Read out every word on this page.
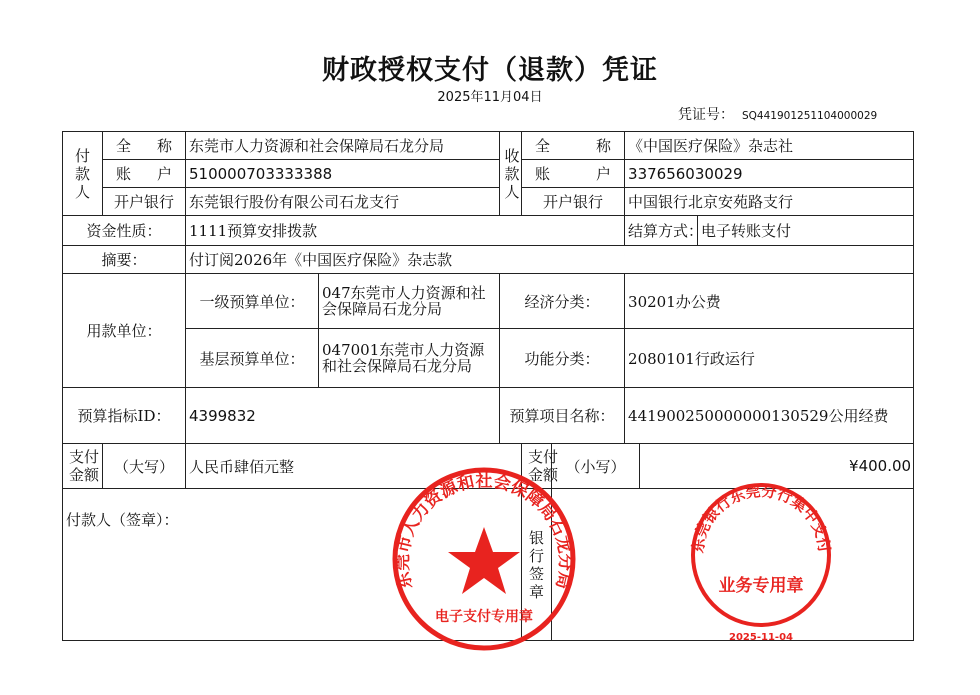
财政授权支付（退款）凭证
2025年11月04日
凭证号： SQ441901251104000029
付款人	全 称	东莞市人力资源和社会保障局石龙分局		收款人	全 称		《中国医疗保险》杂志社		

	账 户	510000703333388			账 户		337656030029		
	开户银行	东莞银行股份有限公司石龙支行			开户银行		中国银行北京安苑路支行		
资金性质：		1111预算安排拨款					结算方式：		电子转账支付
摘要：		付订阅2026年《中国医疗保险》杂志款							
用款单位：		一级预算单位：	047东莞市人力资源和社会保障局石龙分局	经济分类：			30201办公费		
		基层预算单位：	047001东莞市人力资源和社会保障局石龙分局	功能分类：			2080101行政运行		
预算指标ID：		4399832		预算项目名称：			441900250000000130529公用经费		

支付金额	（大写）	人民币肆佰元整			支付金额	（小写）		¥400.00	
付款人（签章）：					银行签章				

东莞市人力资源和社会保障局石龙分局
电子支付专用章
东莞银行东莞分行集中支付
业务专用章
2025-11-04
